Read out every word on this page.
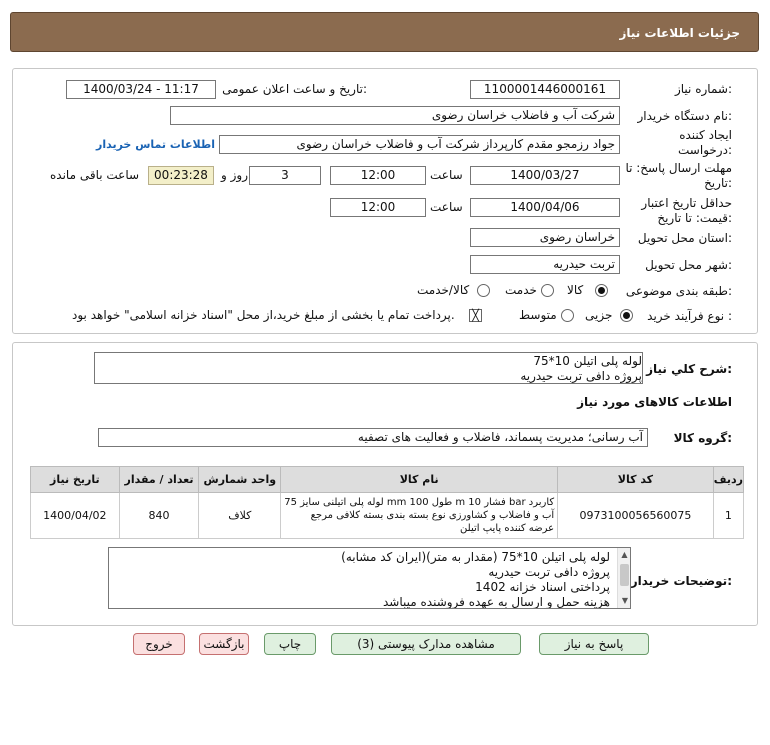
جزئیات اطلاعات نیاز
شماره نیاز:
1100001446000161
تاریخ و ساعت اعلان عمومی:
1400/03/24 - 11:17
نام دستگاه خریدار:
شرکت آب و فاضلاب خراسان رضوی
ایجاد کننده درخواست:
جواد رزمجو مقدم کارپرداز شرکت آب و فاضلاب خراسان رضوی
اطلاعات تماس خریدار
مهلت ارسال پاسخ: تا تاریخ:
1400/03/27
ساعت
12:00
3
روز و
00:23:28
ساعت باقی مانده
حداقل تاریخ اعتبار قیمت: تا تاریخ:
1400/04/06
ساعت
12:00
استان محل تحویل:
خراسان رضوی
شهر محل تحویل:
تربت حیدریه
طبقه بندی موضوعی:
کالا
خدمت
کالا/خدمت
نوع فرآیند خرید :
جزیی
متوسط
╳
پرداخت تمام یا بخشی از مبلغ خرید،از محل "اسناد خزانه اسلامی" خواهد بود.
شرح کلي نياز:
لوله پلی اتیلن 10*75
پروژه دافی تربت حیدریه
اطلاعات کالاهای مورد نیاز
گروه کالا:
آب رسانی؛ مدیریت پسماند، فاضلاب و فعالیت های تصفیه
تاریخ نیاز	تعداد / مقدار	واحد شمارش	نام کالا	کد کالا	ردیف
1400/04/02	840	کلاف	لوله پلی اتیلنی سایز 75 mm طول 100 m فشار 10 bar کاربرد
آب و فاضلاب و کشاورزی نوع بسته بندی بسته کلافی مرجع
عرضه کننده پایپ اتیلن	0973100056560075	1
توضیحات خریدار:
▲
▼
لوله پلی اتیلن 10*75 (مقدار به متر)(ایران کد مشابه)
پروژه دافی تربت حیدریه
پرداختی اسناد خزانه 1402
هزینه حمل و ارسال به عهده فروشنده میباشد
پاسخ به نیاز
مشاهده مدارک پیوستی (3)
چاپ
بازگشت
خروج
